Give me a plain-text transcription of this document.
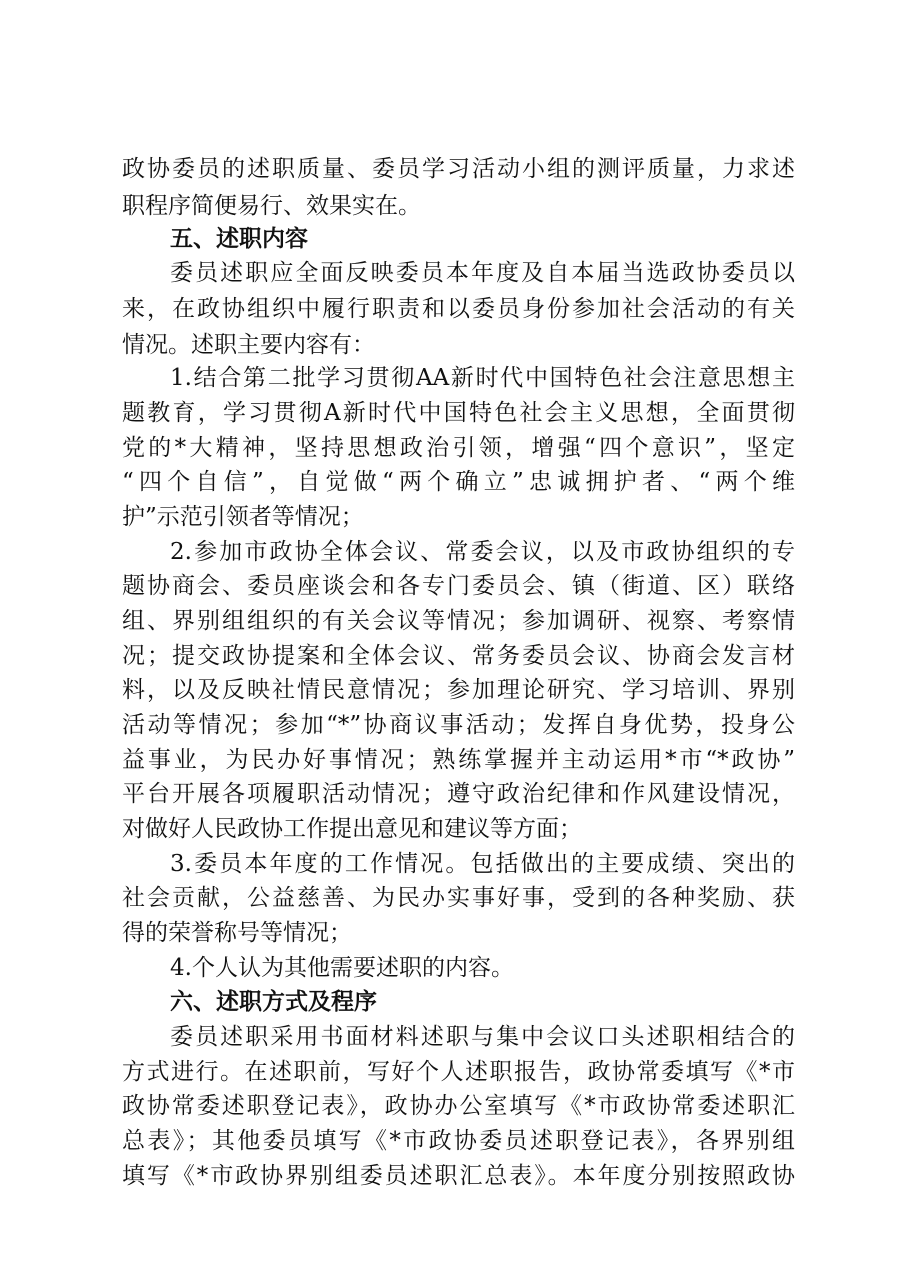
政协委员的述职质量、委员学习活动小组的测评质量，力求述
职程序简便易行、效果实在。
五、述职内容
委员述职应全面反映委员本年度及自本届当选政协委员以
来，在政协组织中履行职责和以委员身份参加社会活动的有关
情况。述职主要内容有：
1.结合第二批学习贯彻AA新时代中国特色社会注意思想主
题教育，学习贯彻A新时代中国特色社会主义思想，全面贯彻
党的*大精神，坚持思想政治引领，增强“四个意识”，坚定
“四个自信”，自觉做“两个确立”忠诚拥护者、“两个维
护”示范引领者等情况；
2.参加市政协全体会议、常委会议，以及市政协组织的专
题协商会、委员座谈会和各专门委员会、镇（街道、区）联络
组、界别组组织的有关会议等情况；参加调研、视察、考察情
况；提交政协提案和全体会议、常务委员会议、协商会发言材
料，以及反映社情民意情况；参加理论研究、学习培训、界别
活动等情况；参加“*”协商议事活动；发挥自身优势，投身公
益事业，为民办好事情况；熟练掌握并主动运用*市“*政协”
平台开展各项履职活动情况；遵守政治纪律和作风建设情况，
对做好人民政协工作提出意见和建议等方面；
3.委员本年度的工作情况。包括做出的主要成绩、突出的
社会贡献，公益慈善、为民办实事好事，受到的各种奖励、获
得的荣誉称号等情况；
4.个人认为其他需要述职的内容。
六、述职方式及程序
委员述职采用书面材料述职与集中会议口头述职相结合的
方式进行。在述职前，写好个人述职报告，政协常委填写《*市
政协常委述职登记表》，政协办公室填写《*市政协常委述职汇
总表》；其他委员填写《*市政协委员述职登记表》，各界别组
填写《*市政协界别组委员述职汇总表》。本年度分别按照政协
